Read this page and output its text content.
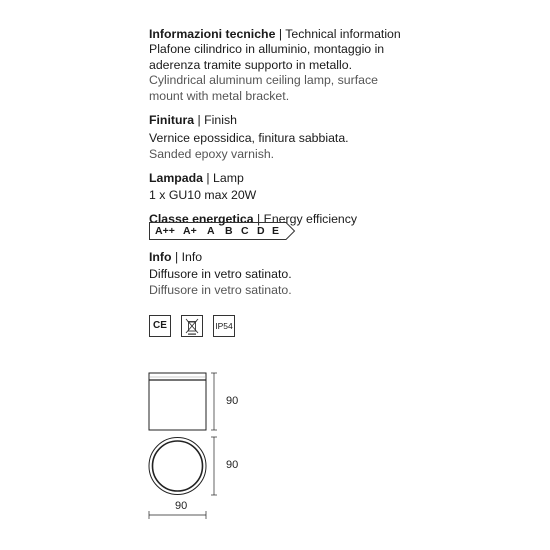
Informazioni tecniche | Technical information
Plafone cilindrico in alluminio, montaggio in
aderenza tramite supporto in metallo.
Cylindrical aluminum ceiling lamp, surface
mount with metal bracket.
Finitura | Finish
Vernice epossidica, finitura sabbiata.
Sanded epoxy varnish.
Lampada | Lamp
1 x GU10 max 20W
Classe energetica | Energy efficiency
A++ A+ A B C D E
Info | Info
Diffusore in vetro satinato.
Diffusore in vetro satinato.
CE	IP54
90
90
90
